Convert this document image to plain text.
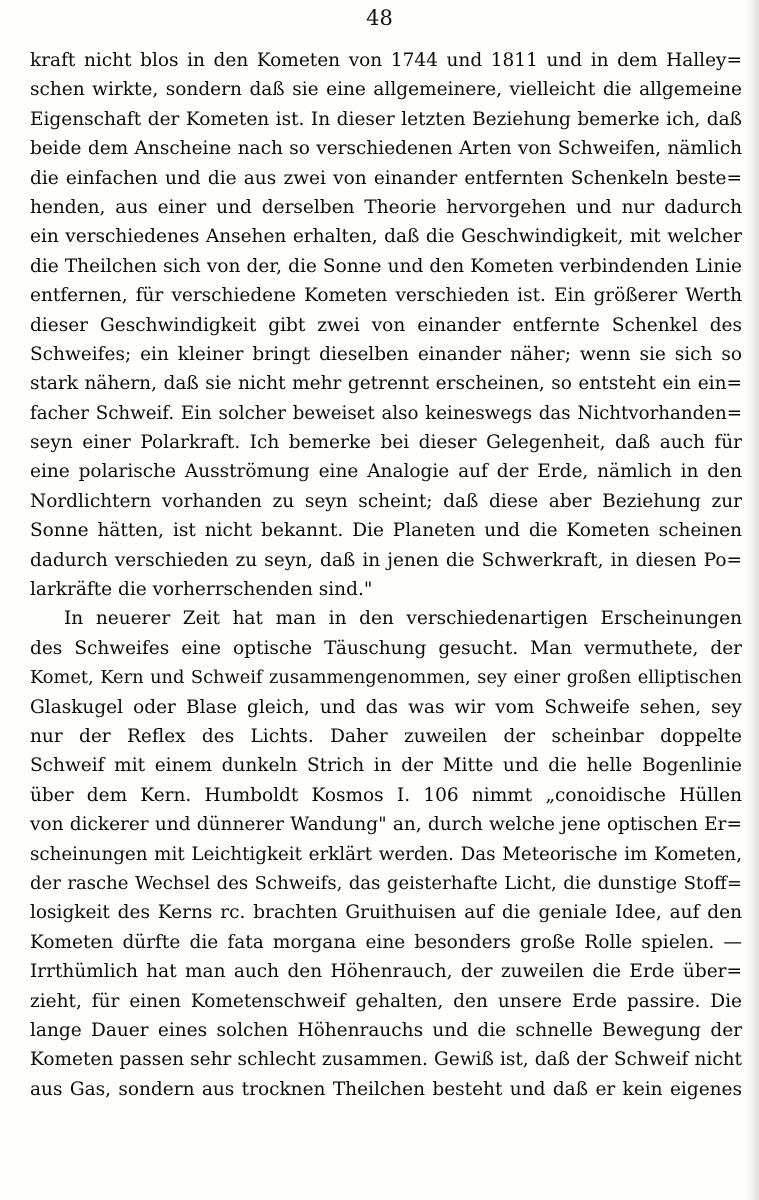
48
kraft nicht blos in den Kometen von 1744 und 1811 und in dem Halley=
schen wirkte, sondern daß sie eine allgemeinere, vielleicht die allgemeine
Eigenschaft der Kometen ist. In dieser letzten Beziehung bemerke ich, daß
beide dem Anscheine nach so verschiedenen Arten von Schweifen, nämlich
die einfachen und die aus zwei von einander entfernten Schenkeln beste=
henden, aus einer und derselben Theorie hervorgehen und nur dadurch
ein verschiedenes Ansehen erhalten, daß die Geschwindigkeit, mit welcher
die Theilchen sich von der, die Sonne und den Kometen verbindenden Linie
entfernen, für verschiedene Kometen verschieden ist. Ein größerer Werth
dieser Geschwindigkeit gibt zwei von einander entfernte Schenkel des
Schweifes; ein kleiner bringt dieselben einander näher; wenn sie sich so
stark nähern, daß sie nicht mehr getrennt erscheinen, so entsteht ein ein=
facher Schweif. Ein solcher beweiset also keineswegs das Nichtvorhanden=
seyn einer Polarkraft. Ich bemerke bei dieser Gelegenheit, daß auch für
eine polarische Ausströmung eine Analogie auf der Erde, nämlich in den
Nordlichtern vorhanden zu seyn scheint; daß diese aber Beziehung zur
Sonne hätten, ist nicht bekannt. Die Planeten und die Kometen scheinen
dadurch verschieden zu seyn, daß in jenen die Schwerkraft, in diesen Po=
larkräfte die vorherrschenden sind."
In neuerer Zeit hat man in den verschiedenartigen Erscheinungen
des Schweifes eine optische Täuschung gesucht. Man vermuthete, der
Komet, Kern und Schweif zusammengenommen, sey einer großen elliptischen
Glaskugel oder Blase gleich, und das was wir vom Schweife sehen, sey
nur der Reflex des Lichts. Daher zuweilen der scheinbar doppelte
Schweif mit einem dunkeln Strich in der Mitte und die helle Bogenlinie
über dem Kern. Humboldt Kosmos I. 106 nimmt „conoidische Hüllen
von dickerer und dünnerer Wandung" an, durch welche jene optischen Er=
scheinungen mit Leichtigkeit erklärt werden. Das Meteorische im Kometen,
der rasche Wechsel des Schweifs, das geisterhafte Licht, die dunstige Stoff=
losigkeit des Kerns rc. brachten Gruithuisen auf die geniale Idee, auf den
Kometen dürfte die fata morgana eine besonders große Rolle spielen. —
Irrthümlich hat man auch den Höhenrauch, der zuweilen die Erde über=
zieht, für einen Kometenschweif gehalten, den unsere Erde passire. Die
lange Dauer eines solchen Höhenrauchs und die schnelle Bewegung der
Kometen passen sehr schlecht zusammen. Gewiß ist, daß der Schweif nicht
aus Gas, sondern aus trocknen Theilchen besteht und daß er kein eigenes
